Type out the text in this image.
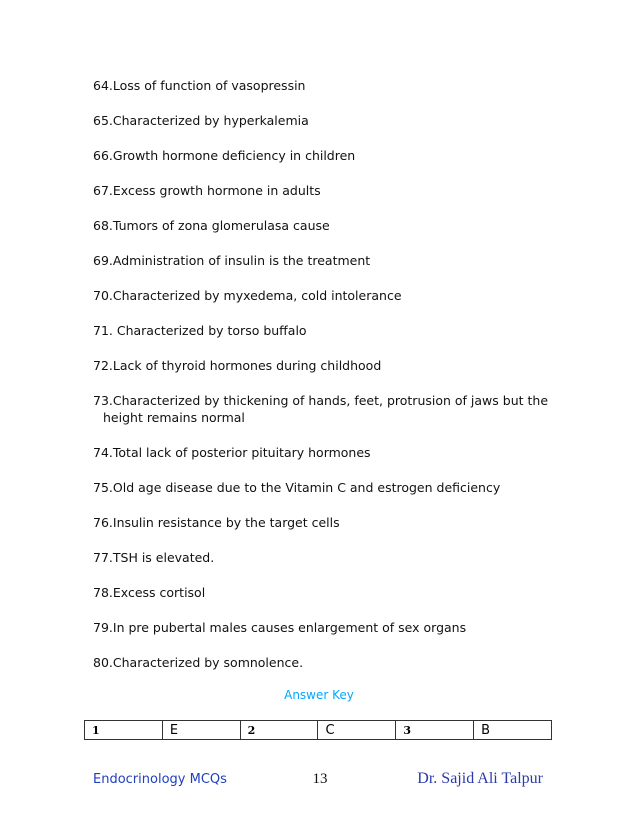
64.Loss of function of vasopressin
65.Characterized by hyperkalemia
66.Growth hormone deficiency in children
67.Excess growth hormone in adults
68.Tumors of zona glomerulasa cause
69.Administration of insulin is the treatment
70.Characterized by myxedema, cold intolerance
71. Characterized by torso buffalo
72.Lack of thyroid hormones during childhood
73.Characterized by thickening of hands, feet, protrusion of jaws but the height remains normal
74.Total lack of posterior pituitary hormones
75.Old age disease due to the Vitamin C and estrogen deficiency
76.Insulin resistance by the target cells
77.TSH is elevated.
78.Excess cortisol
79.In pre pubertal males causes enlargement of sex organs
80.Characterized by somnolence.
Answer Key
1	E	2	C	3	B
Endocrinology MCQs	13	Dr. Sajid Ali Talpur
